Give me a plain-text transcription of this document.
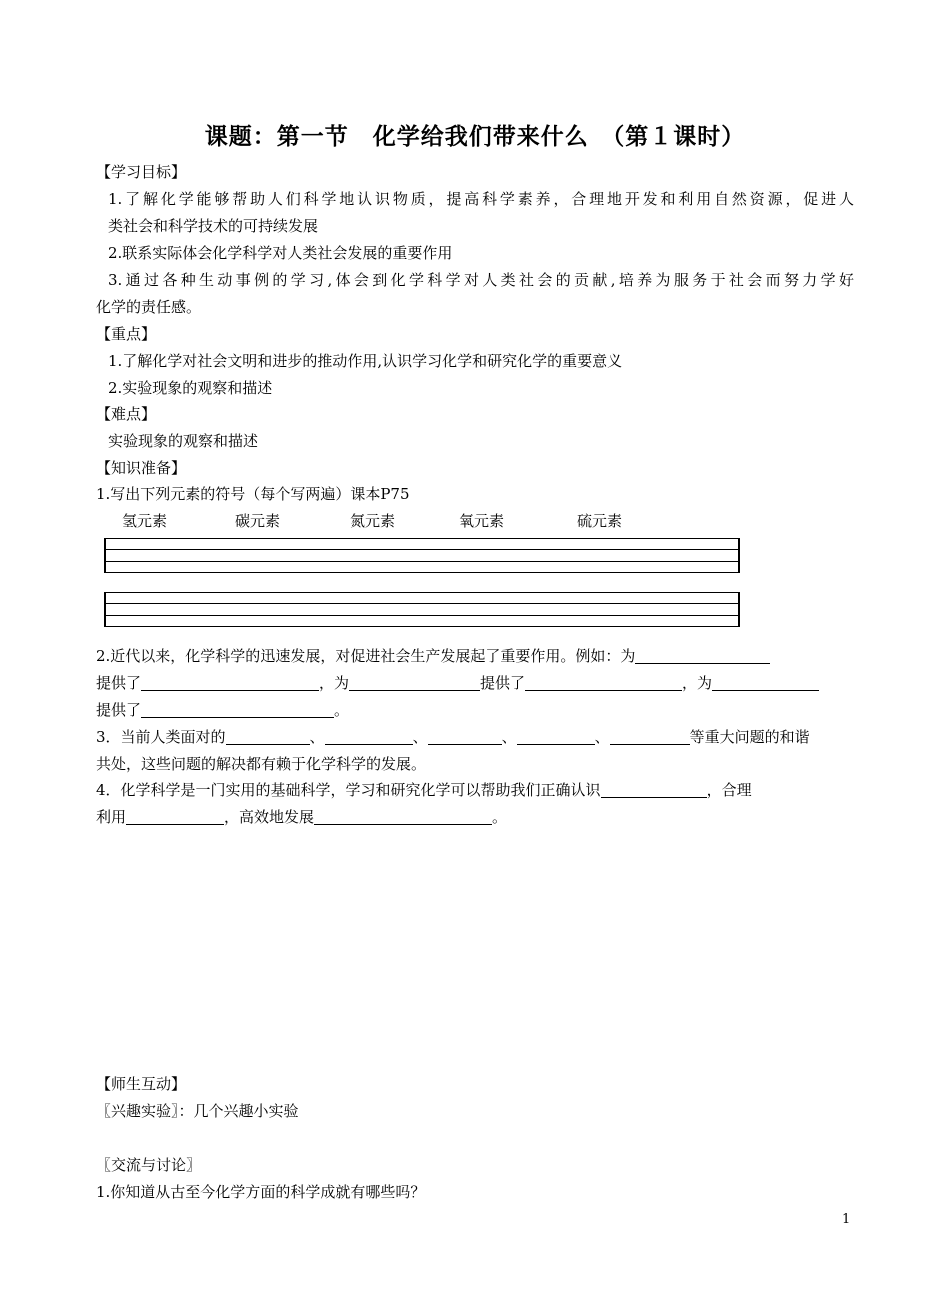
课题：第一节　化学给我们带来什么　（第１课时）
【学习目标】
1.了解化学能够帮助人们科学地认识物质，提高科学素养，合理地开发和利用自然资源，促进人
类社会和科学技术的可持续发展
2.联系实际体会化学科学对人类社会发展的重要作用
3.通过各种生动事例的学习,体会到化学科学对人类社会的贡献,培养为服务于社会而努力学好
化学的责任感。
【重点】
1.了解化学对社会文明和进步的推动作用,认识学习化学和研究化学的重要意义
2.实验现象的观察和描述
【难点】
实验现象的观察和描述
【知识准备】
1.写出下列元素的符号（每个写两遍）课本P75
氢元素	碳元素	氮元素	氧元素	硫元素
2.近代以来，化学科学的迅速发展，对促进社会生产发展起了重要作用。例如：为
提供了	，为	提供了	，为
提供了	。
3．当前人类面对的	、	、	、	、	等重大问题的和谐
共处，这些问题的解决都有赖于化学科学的发展。
4．化学科学是一门实用的基础科学，学习和研究化学可以帮助我们正确认识	，合理
利用	，高效地发展	。
【师生互动】
〖兴趣实验〗：几个兴趣小实验
〖交流与讨论〗
1.你知道从古至今化学方面的科学成就有哪些吗？
1
